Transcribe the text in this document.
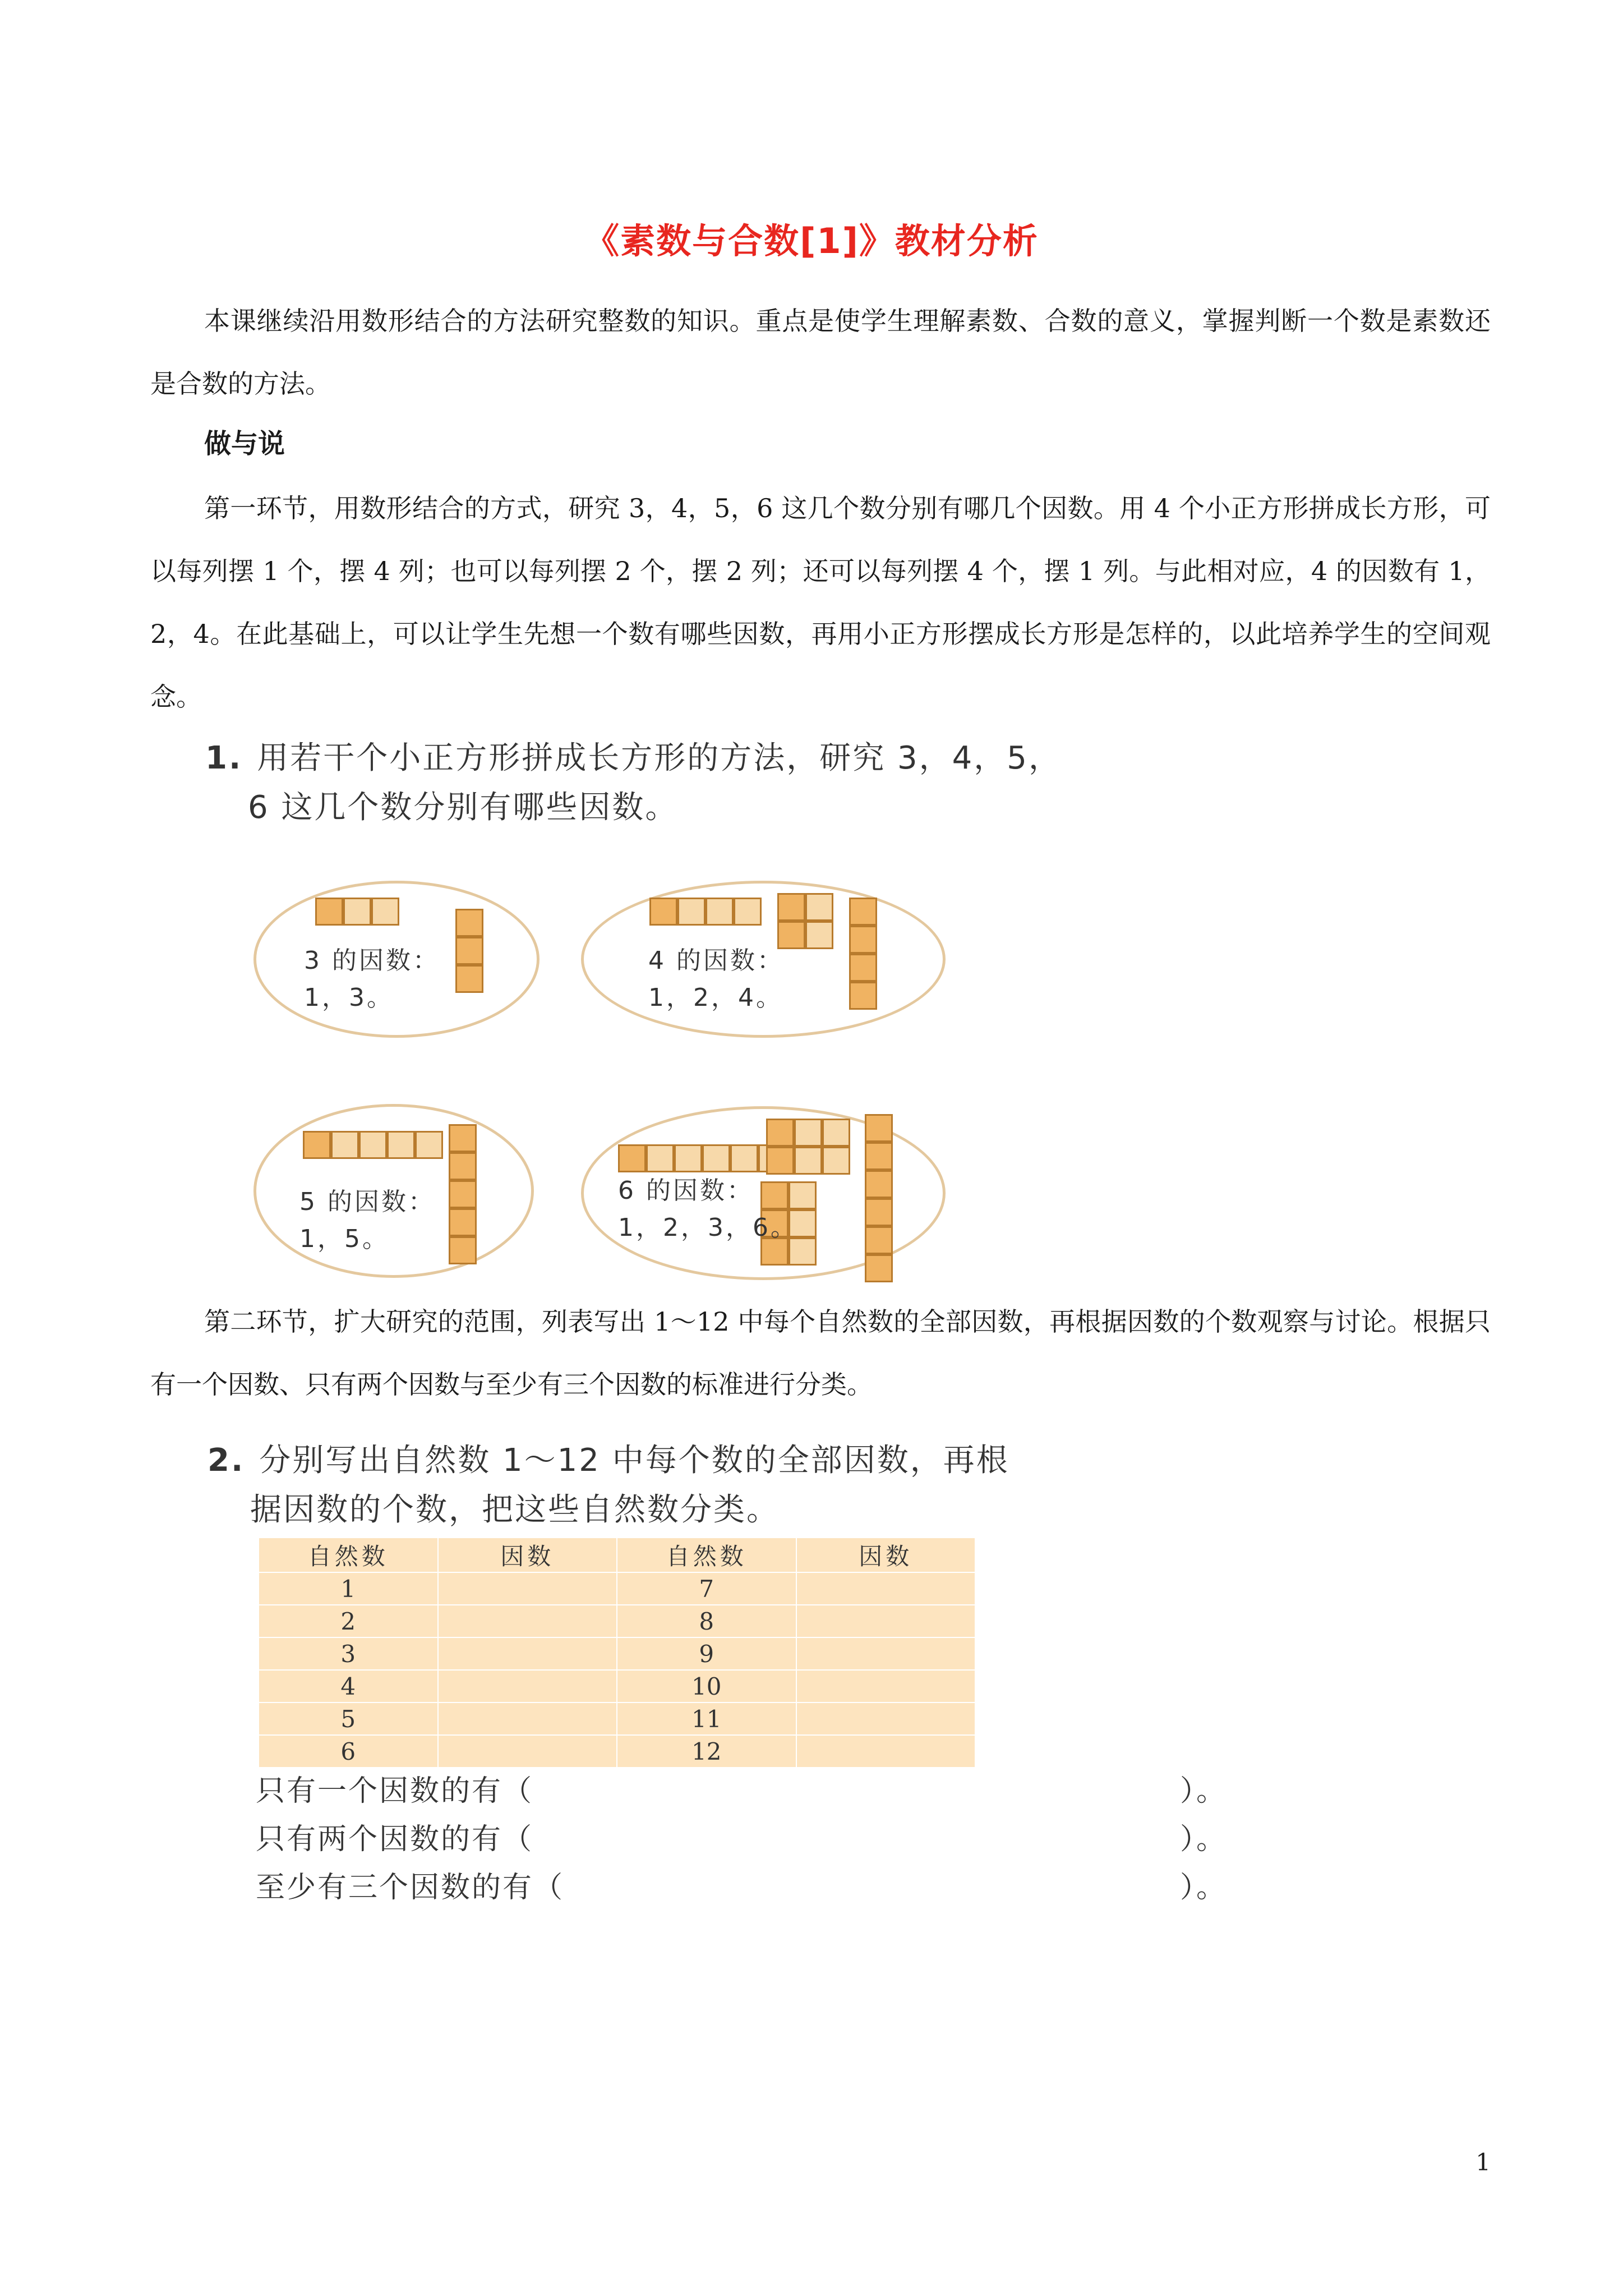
《素数与合数[1]》教材分析
本课继续沿用数形结合的方法研究整数的知识。重点是使学生理解素数、合数的意义，掌握判断一个数是素数还是合数的方法。
做与说
第一环节，用数形结合的方式，研究 3，4，5，6 这几个数分别有哪几个因数。用 4 个小正方形拼成长方形，可以每列摆 1 个，摆 4 列；也可以每列摆 2 个，摆 2 列；还可以每列摆 4 个，摆 1 列。与此相对应，4 的因数有 1，2，4。在此基础上，可以让学生先想一个数有哪些因数，再用小正方形摆成长方形是怎样的，以此培养学生的空间观念。
1. 用若干个小正方形拼成长方形的方法，研究 3，4，5，
6 这几个数分别有哪些因数。
3 的因数：
1，3。
4 的因数：
1，2，4。
5 的因数：
1，5。
6 的因数：
1，2，3，6。
第二环节，扩大研究的范围，列表写出 1～12 中每个自然数的全部因数，再根据因数的个数观察与讨论。根据只有一个因数、只有两个因数与至少有三个因数的标准进行分类。
2. 分别写出自然数 1～12 中每个数的全部因数，再根
据因数的个数，把这些自然数分类。
自然数	因数	自然数	因数
1		7	
2		8	
3		9	
4		10	
5		11	
6		12	
只有一个因数的有（	）。
只有两个因数的有（	）。
至少有三个因数的有（	）。
1
